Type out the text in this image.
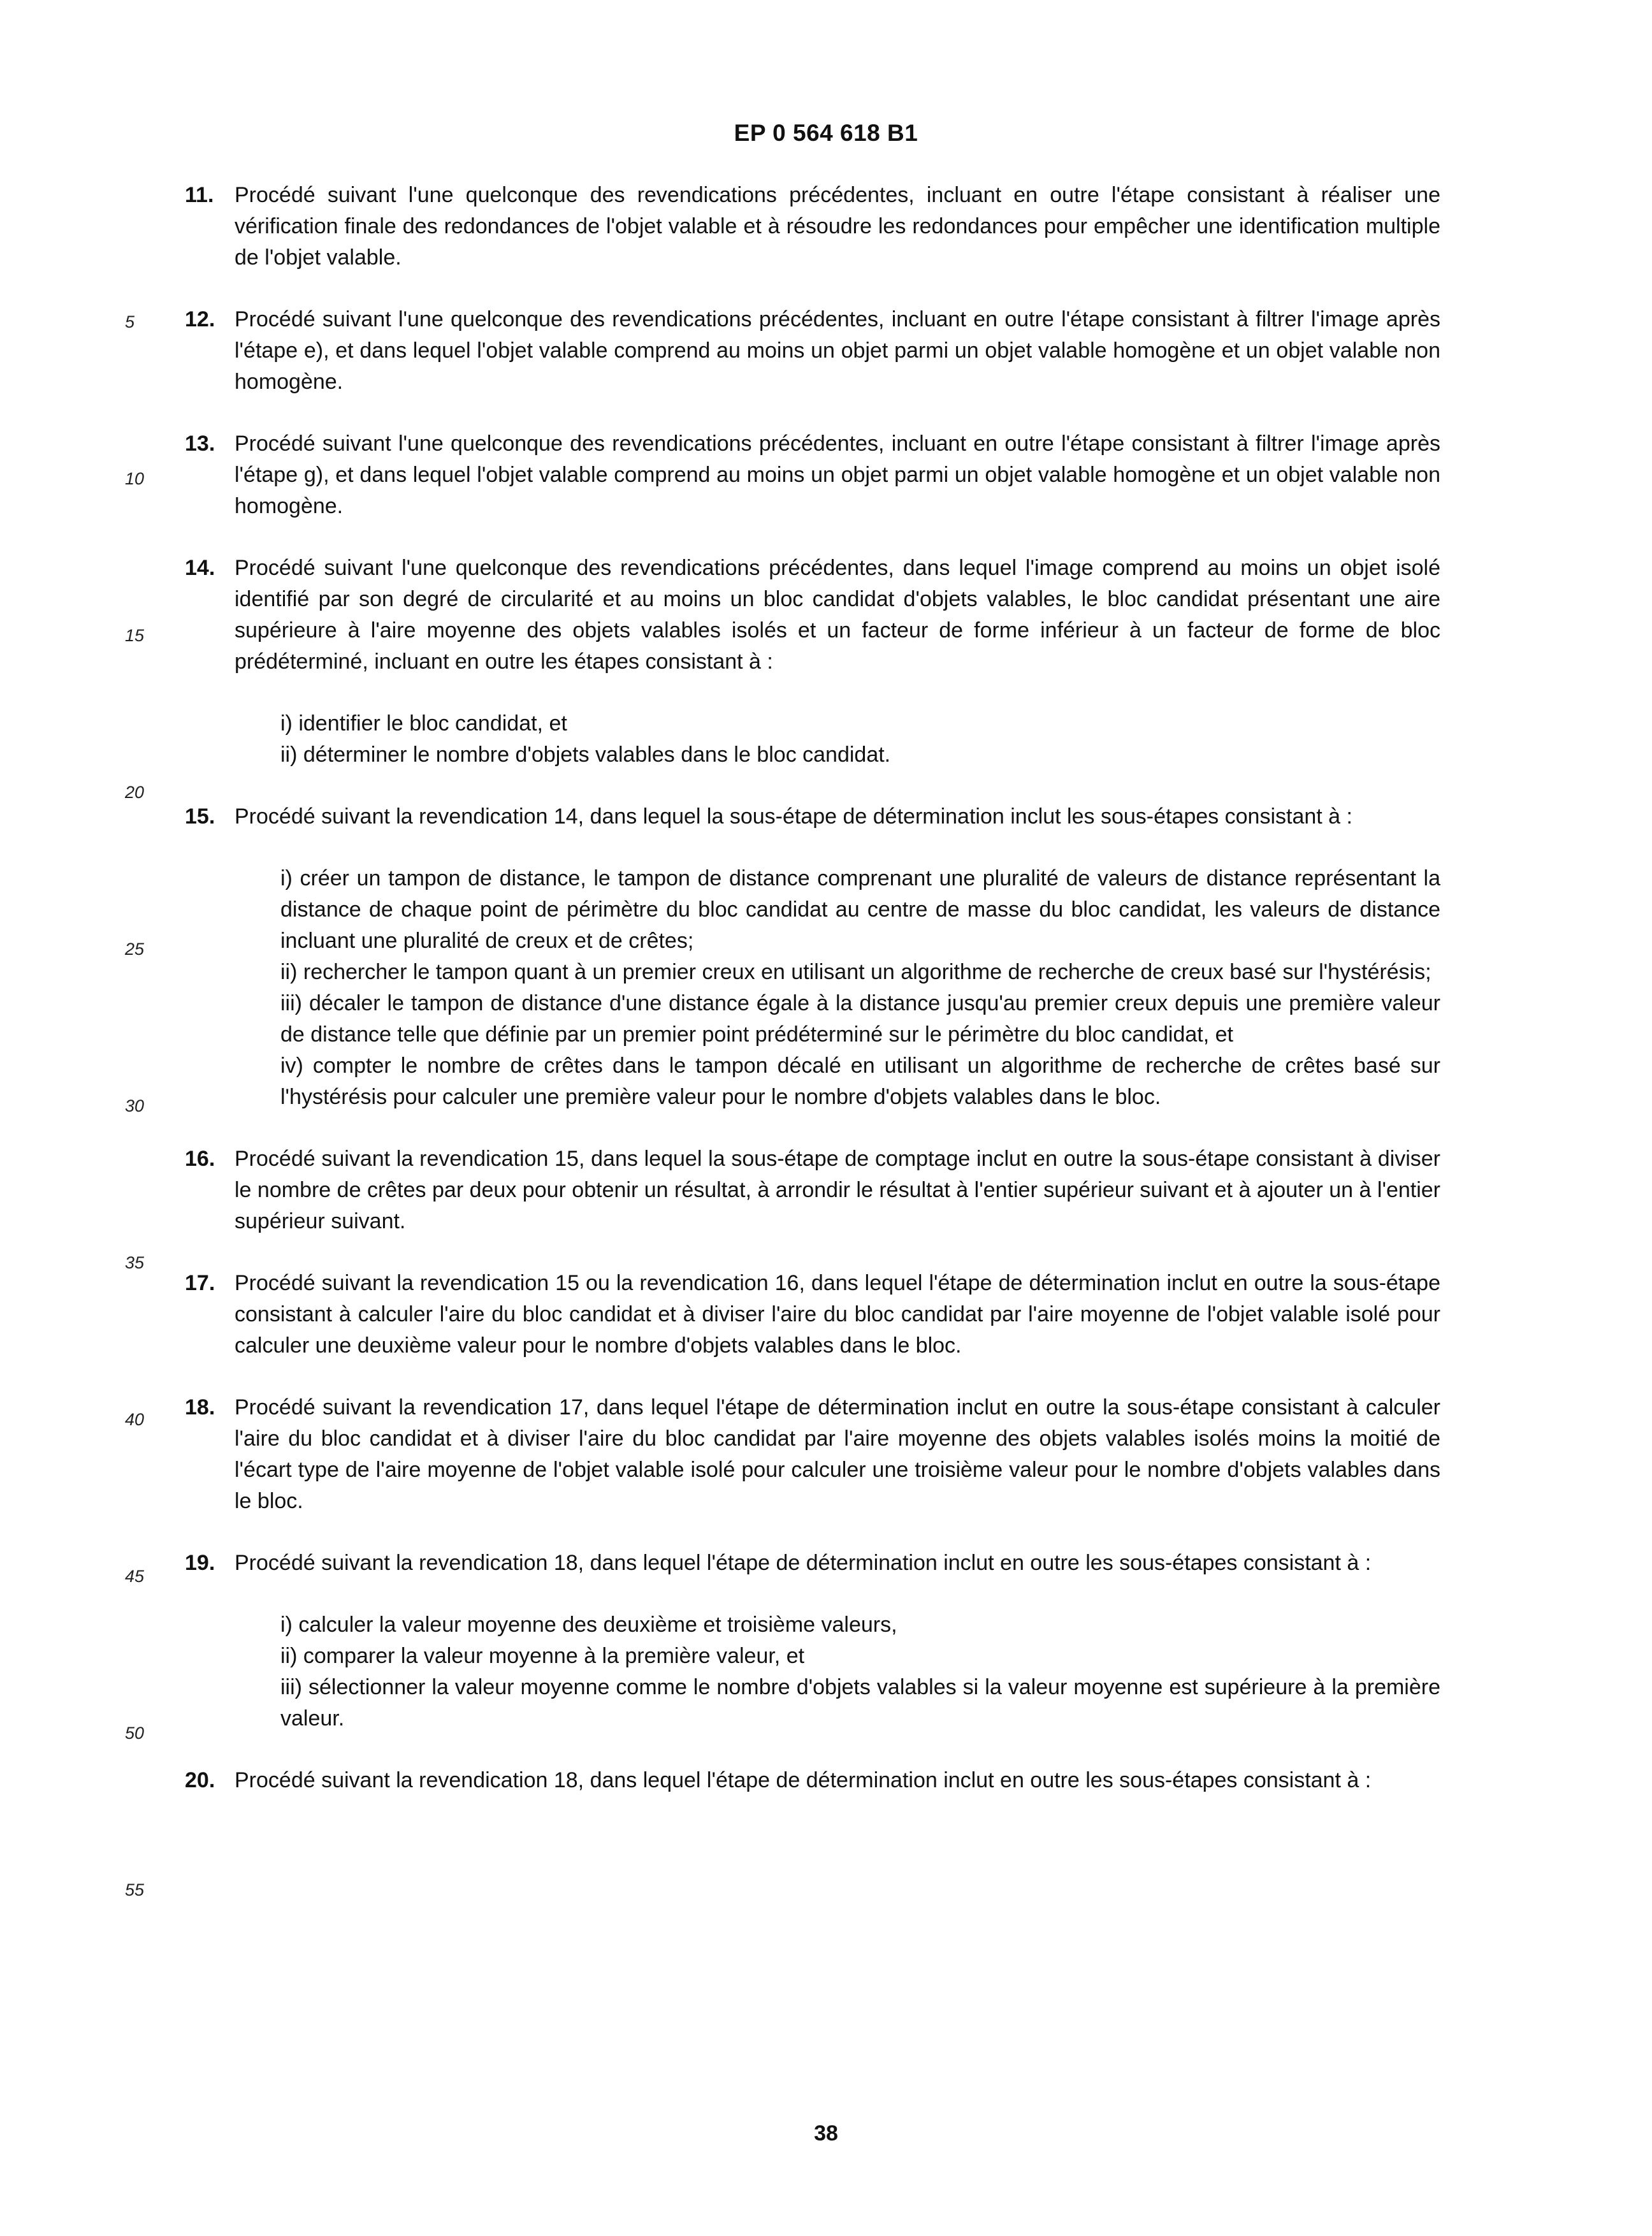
EP 0 564 618 B1
5
10
15
20
25
30
35
40
45
50
55
11. Procédé suivant l'une quelconque des revendications précédentes, incluant en outre l'étape consistant à réaliser une vérification finale des redondances de l'objet valable et à résoudre les redondances pour empêcher une identification multiple de l'objet valable.
12. Procédé suivant l'une quelconque des revendications précédentes, incluant en outre l'étape consistant à filtrer l'image après l'étape e), et dans lequel l'objet valable comprend au moins un objet parmi un objet valable homogène et un objet valable non homogène.
13. Procédé suivant l'une quelconque des revendications précédentes, incluant en outre l'étape consistant à filtrer l'image après l'étape g), et dans lequel l'objet valable comprend au moins un objet parmi un objet valable homogène et un objet valable non homogène.
14. Procédé suivant l'une quelconque des revendications précédentes, dans lequel l'image comprend au moins un objet isolé identifié par son degré de circularité et au moins un bloc candidat d'objets valables, le bloc candidat présentant une aire supérieure à l'aire moyenne des objets valables isolés et un facteur de forme inférieur à un facteur de forme de bloc prédéterminé, incluant en outre les étapes consistant à :
i) identifier le bloc candidat, et
ii) déterminer le nombre d'objets valables dans le bloc candidat.
15. Procédé suivant la revendication 14, dans lequel la sous-étape de détermination inclut les sous-étapes consistant à :
i) créer un tampon de distance, le tampon de distance comprenant une pluralité de valeurs de distance représentant la distance de chaque point de périmètre du bloc candidat au centre de masse du bloc candidat, les valeurs de distance incluant une pluralité de creux et de crêtes;
ii) rechercher le tampon quant à un premier creux en utilisant un algorithme de recherche de creux basé sur l'hystérésis;
iii) décaler le tampon de distance d'une distance égale à la distance jusqu'au premier creux depuis une première valeur de distance telle que définie par un premier point prédéterminé sur le périmètre du bloc candidat, et
iv) compter le nombre de crêtes dans le tampon décalé en utilisant un algorithme de recherche de crêtes basé sur l'hystérésis pour calculer une première valeur pour le nombre d'objets valables dans le bloc.
16. Procédé suivant la revendication 15, dans lequel la sous-étape de comptage inclut en outre la sous-étape consistant à diviser le nombre de crêtes par deux pour obtenir un résultat, à arrondir le résultat à l'entier supérieur suivant et à ajouter un à l'entier supérieur suivant.
17. Procédé suivant la revendication 15 ou la revendication 16, dans lequel l'étape de détermination inclut en outre la sous-étape consistant à calculer l'aire du bloc candidat et à diviser l'aire du bloc candidat par l'aire moyenne de l'objet valable isolé pour calculer une deuxième valeur pour le nombre d'objets valables dans le bloc.
18. Procédé suivant la revendication 17, dans lequel l'étape de détermination inclut en outre la sous-étape consistant à calculer l'aire du bloc candidat et à diviser l'aire du bloc candidat par l'aire moyenne des objets valables isolés moins la moitié de l'écart type de l'aire moyenne de l'objet valable isolé pour calculer une troisième valeur pour le nombre d'objets valables dans le bloc.
19. Procédé suivant la revendication 18, dans lequel l'étape de détermination inclut en outre les sous-étapes consistant à :
i) calculer la valeur moyenne des deuxième et troisième valeurs,
ii) comparer la valeur moyenne à la première valeur, et
iii) sélectionner la valeur moyenne comme le nombre d'objets valables si la valeur moyenne est supérieure à la première valeur.
20. Procédé suivant la revendication 18, dans lequel l'étape de détermination inclut en outre les sous-étapes consistant à :
38
